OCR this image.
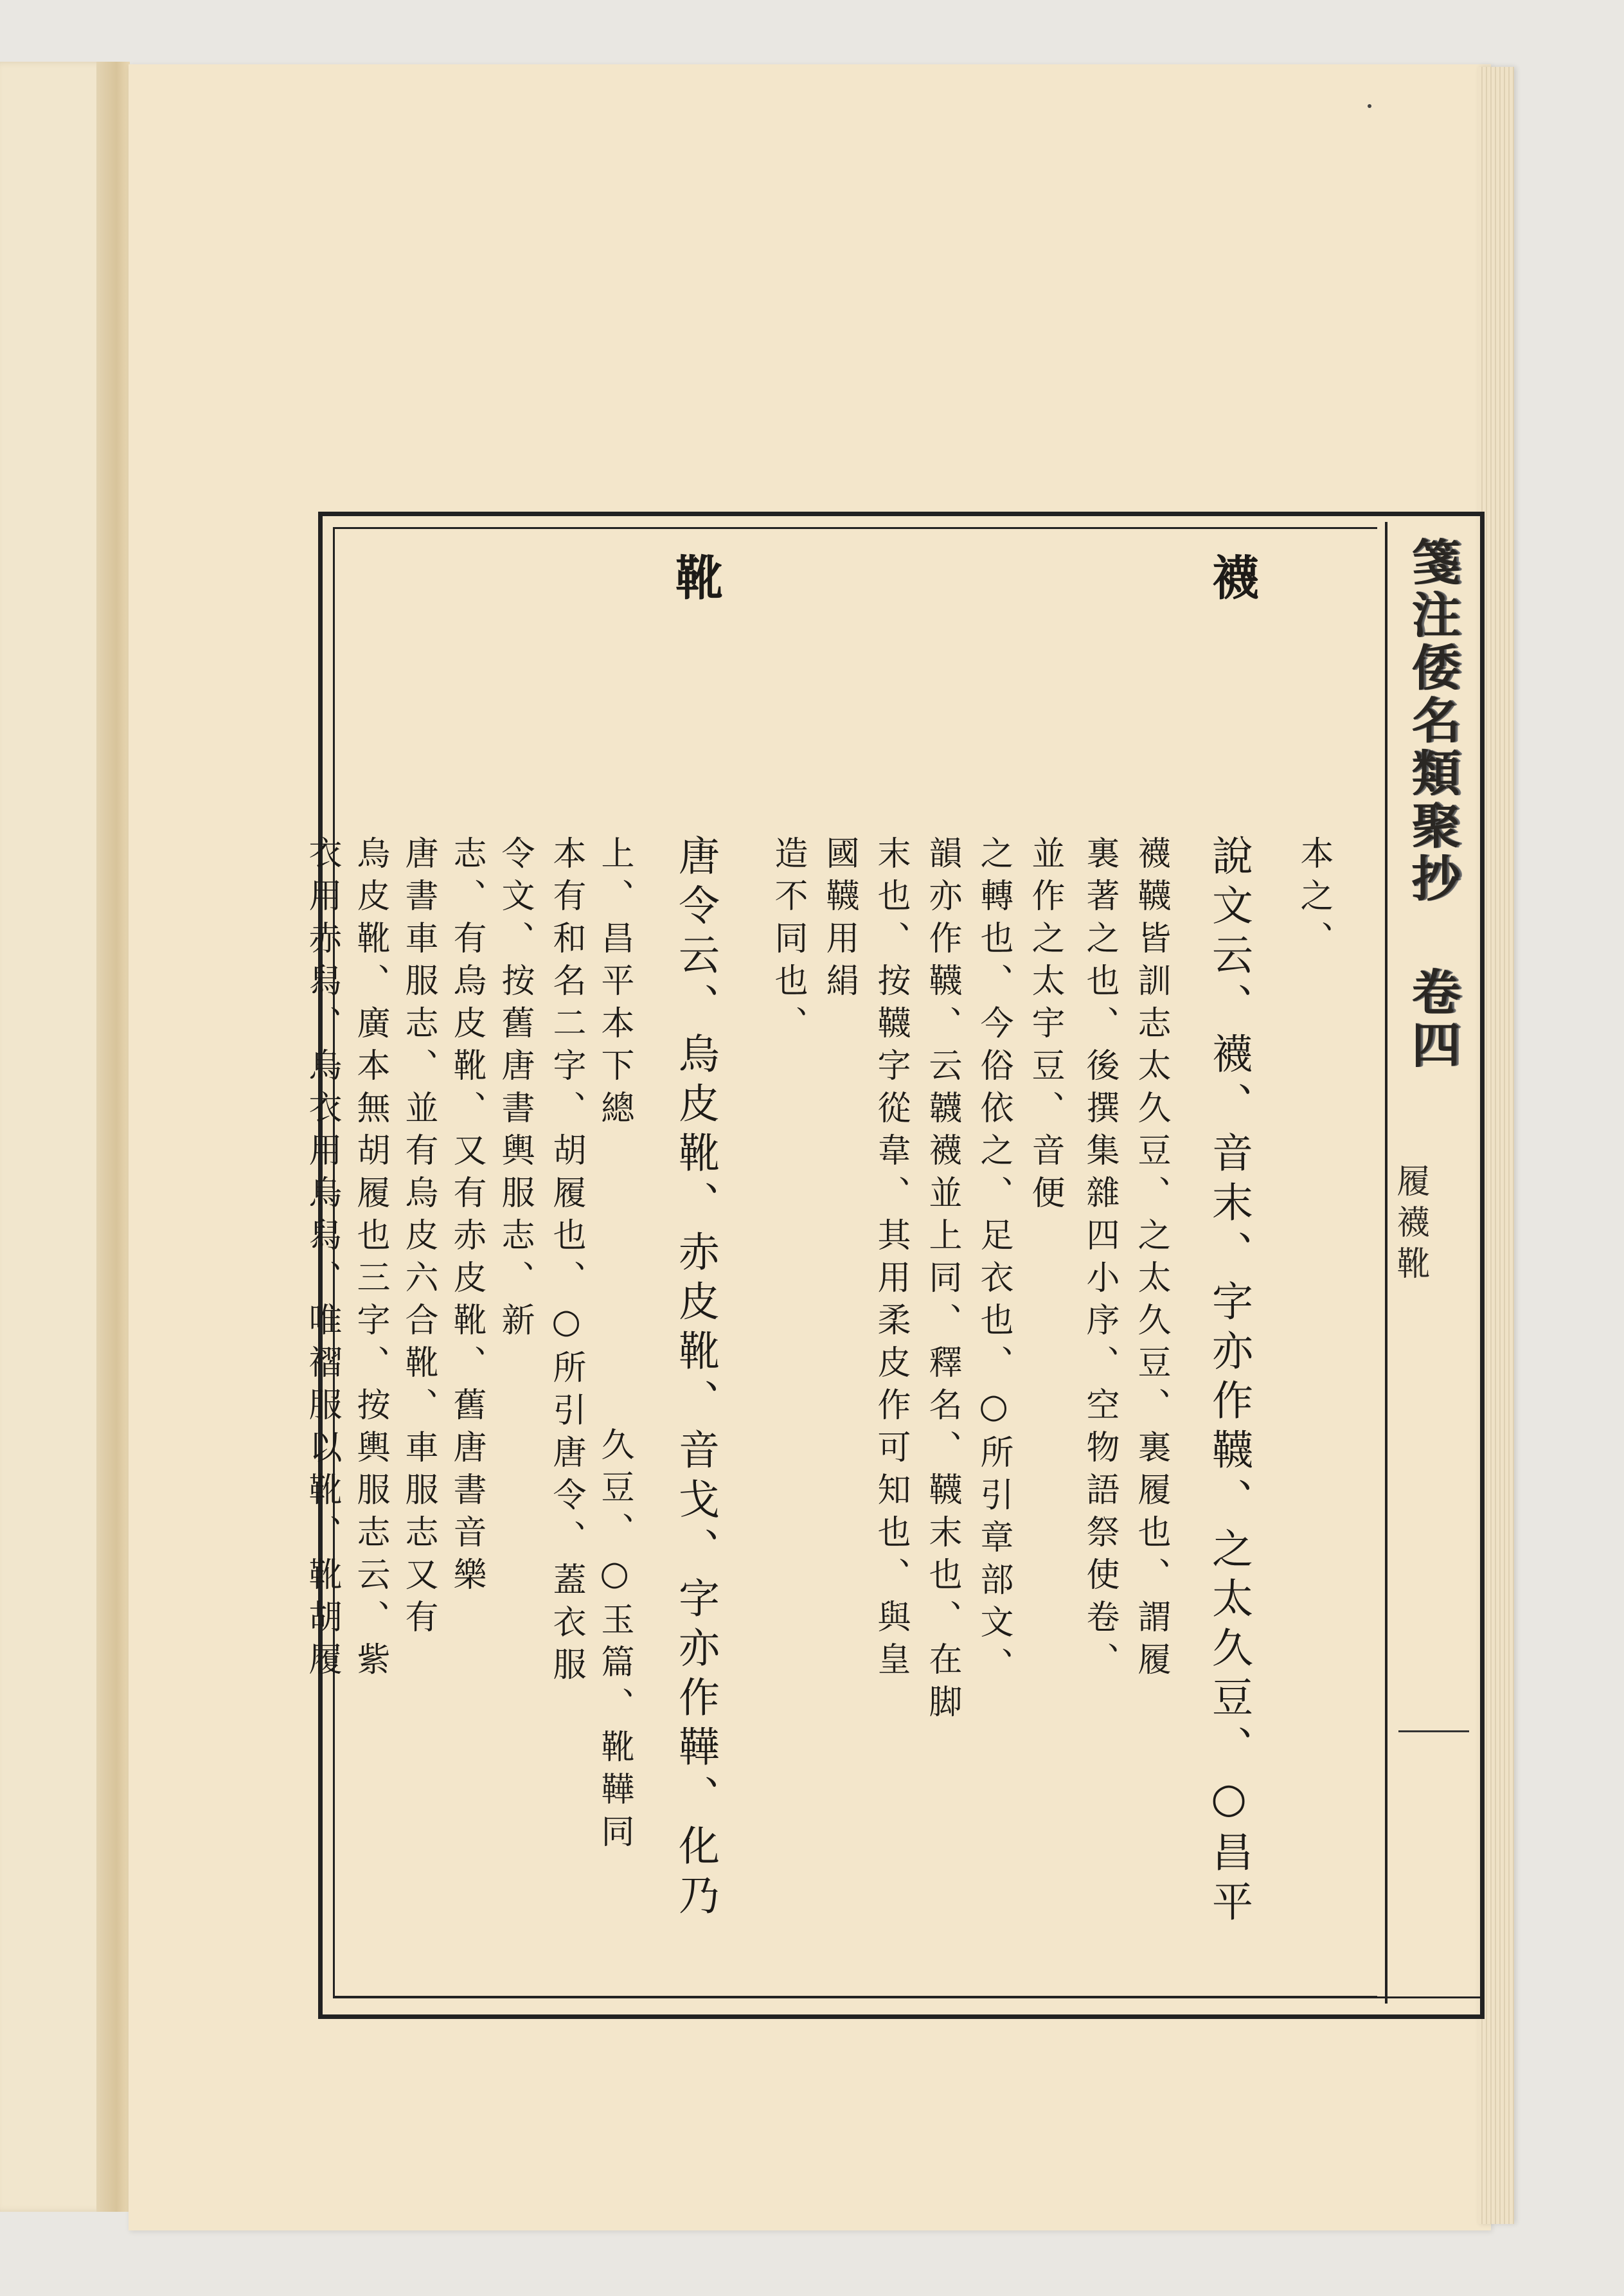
箋注倭名類聚抄 卷四
履襪靴
襪
靴
本之、
說文云、襪、音末、字亦作韈、之太久豆、○昌平
襪韈皆訓志太久豆、之太久豆、裏履也、謂履
裏著之也、後撰集雜四小序、空物語祭使卷、
並作之太宇豆、音便
之轉也、今俗依之、足衣也、○所引章部文、
韻亦作韈、云韤襪並上同、釋名、韈末也、在脚
末也、按韈字從韋、其用柔皮作可知也、與皇
國韈用絹
造不同也、
唐令云、烏皮靴、赤皮靴、音戈、字亦作鞾、化乃
久豆、○玉篇、靴鞾同
上、昌平本下總
本有和名二字、胡履也、○所引唐令、蓋衣服
令文、按舊唐書輿服志、新
志、有烏皮靴、又有赤皮靴、舊唐書音樂
唐書車服志、並有烏皮六合靴、車服志又有
烏皮靴、廣本無胡履也三字、按輿服志云、紫
衣用赤舄、烏衣用烏舄、唯褶服以靴、靴胡履
